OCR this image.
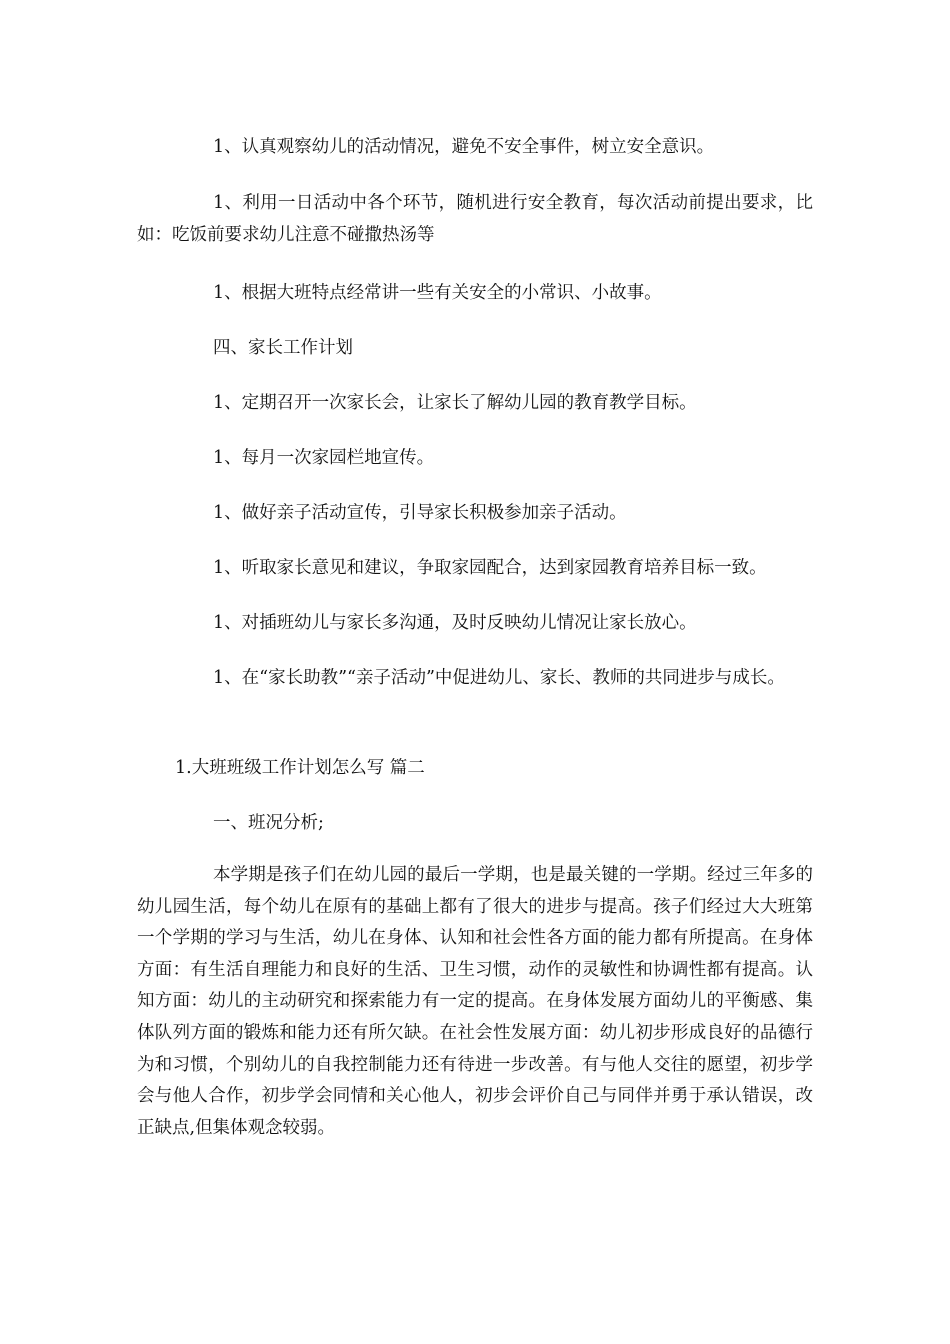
1、认真观察幼儿的活动情况，避免不安全事件，树立安全意识。

1、利用一日活动中各个环节，随机进行安全教育，每次活动前提出要求，比如：吃饭前要求幼儿注意不碰撒热汤等

1、根据大班特点经常讲一些有关安全的小常识、小故事。

四、家长工作计划

1、定期召开一次家长会，让家长了解幼儿园的教育教学目标。

1、每月一次家园栏地宣传。

1、做好亲子活动宣传，引导家长积极参加亲子活动。

1、听取家长意见和建议，争取家园配合，达到家园教育培养目标一致。

1、对插班幼儿与家长多沟通，及时反映幼儿情况让家长放心。

1、在“家长助教”“亲子活动”中促进幼儿、家长、教师的共同进步与成长。

1.大班班级工作计划怎么写 篇二

一、班况分析;

本学期是孩子们在幼儿园的最后一学期，也是最关键的一学期。经过三年多的幼儿园生活，每个幼儿在原有的基础上都有了很大的进步与提高。孩子们经过大大班第一个学期的学习与生活，幼儿在身体、认知和社会性各方面的能力都有所提高。在身体方面：有生活自理能力和良好的生活、卫生习惯，动作的灵敏性和协调性都有提高。认知方面：幼儿的主动研究和探索能力有一定的提高。在身体发展方面幼儿的平衡感、集体队列方面的锻炼和能力还有所欠缺。在社会性发展方面：幼儿初步形成良好的品德行为和习惯，个别幼儿的自我控制能力还有待进一步改善。有与他人交往的愿望，初步学会与他人合作，初步学会同情和关心他人，初步会评价自己与同伴并勇于承认错误，改正缺点,但集体观念较弱。
